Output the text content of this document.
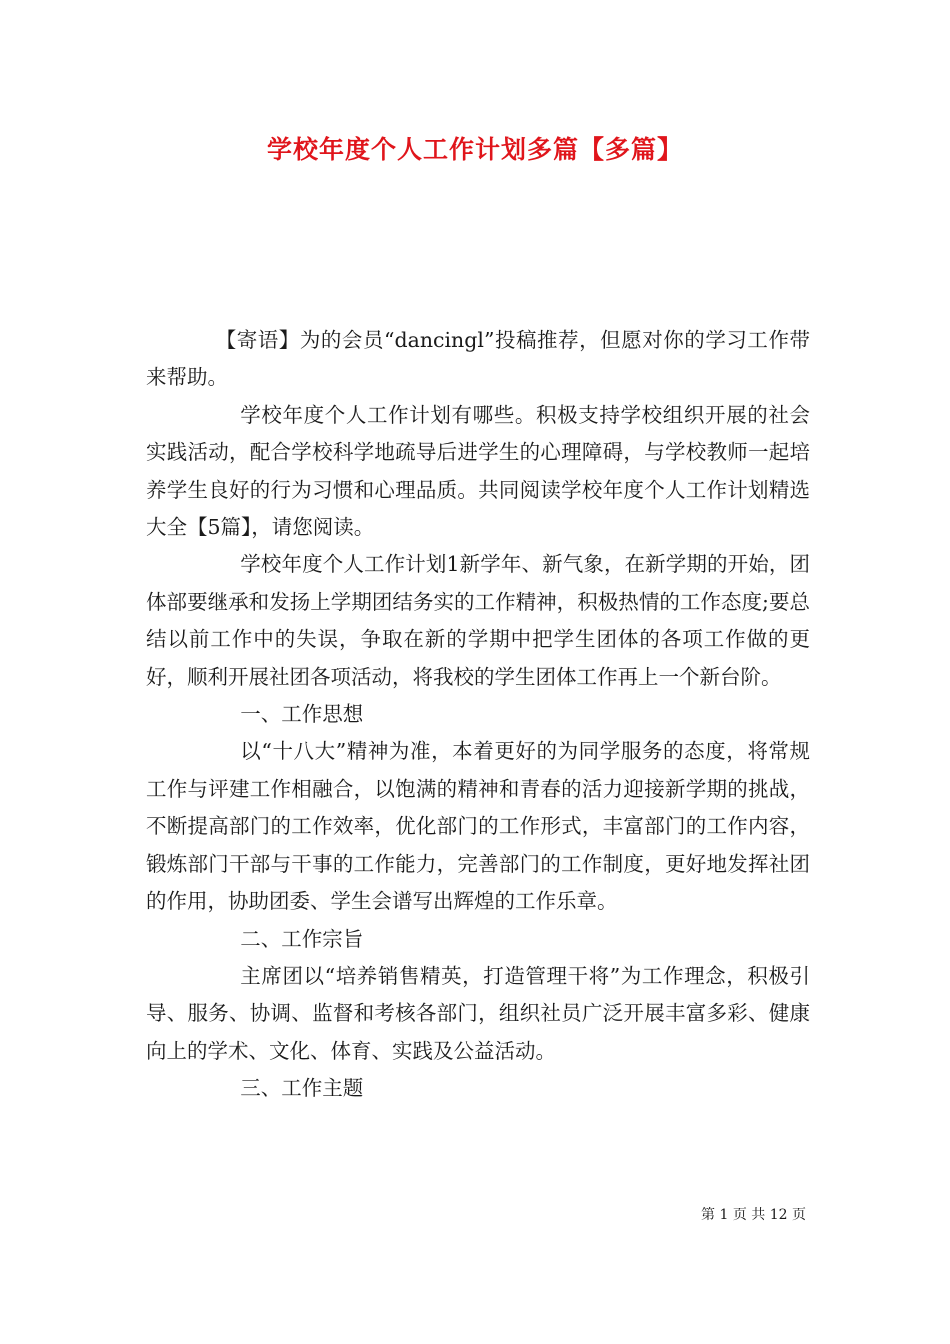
学校年度个人工作计划多篇【多篇】

【寄语】为的会员“dancingl”投稿推荐，但愿对你的学习工作带来帮助。

学校年度个人工作计划有哪些。积极支持学校组织开展的社会实践活动，配合学校科学地疏导后进学生的心理障碍，与学校教师一起培养学生良好的行为习惯和心理品质。共同阅读学校年度个人工作计划精选大全【5篇】，请您阅读。

学校年度个人工作计划1新学年、新气象，在新学期的开始，团体部要继承和发扬上学期团结务实的工作精神，积极热情的工作态度;要总结以前工作中的失误，争取在新的学期中把学生团体的各项工作做的更好，顺利开展社团各项活动，将我校的学生团体工作再上一个新台阶。

一、工作思想

以“十八大”精神为准，本着更好的为同学服务的态度，将常规工作与评建工作相融合，以饱满的精神和青春的活力迎接新学期的挑战，不断提高部门的工作效率，优化部门的工作形式，丰富部门的工作内容，锻炼部门干部与干事的工作能力，完善部门的工作制度，更好地发挥社团的作用，协助团委、学生会谱写出辉煌的工作乐章。

二、工作宗旨

主席团以“培养销售精英，打造管理干将”为工作理念，积极引导、服务、协调、监督和考核各部门，组织社员广泛开展丰富多彩、健康向上的学术、文化、体育、实践及公益活动。

三、工作主题

第 1 页 共 12 页
